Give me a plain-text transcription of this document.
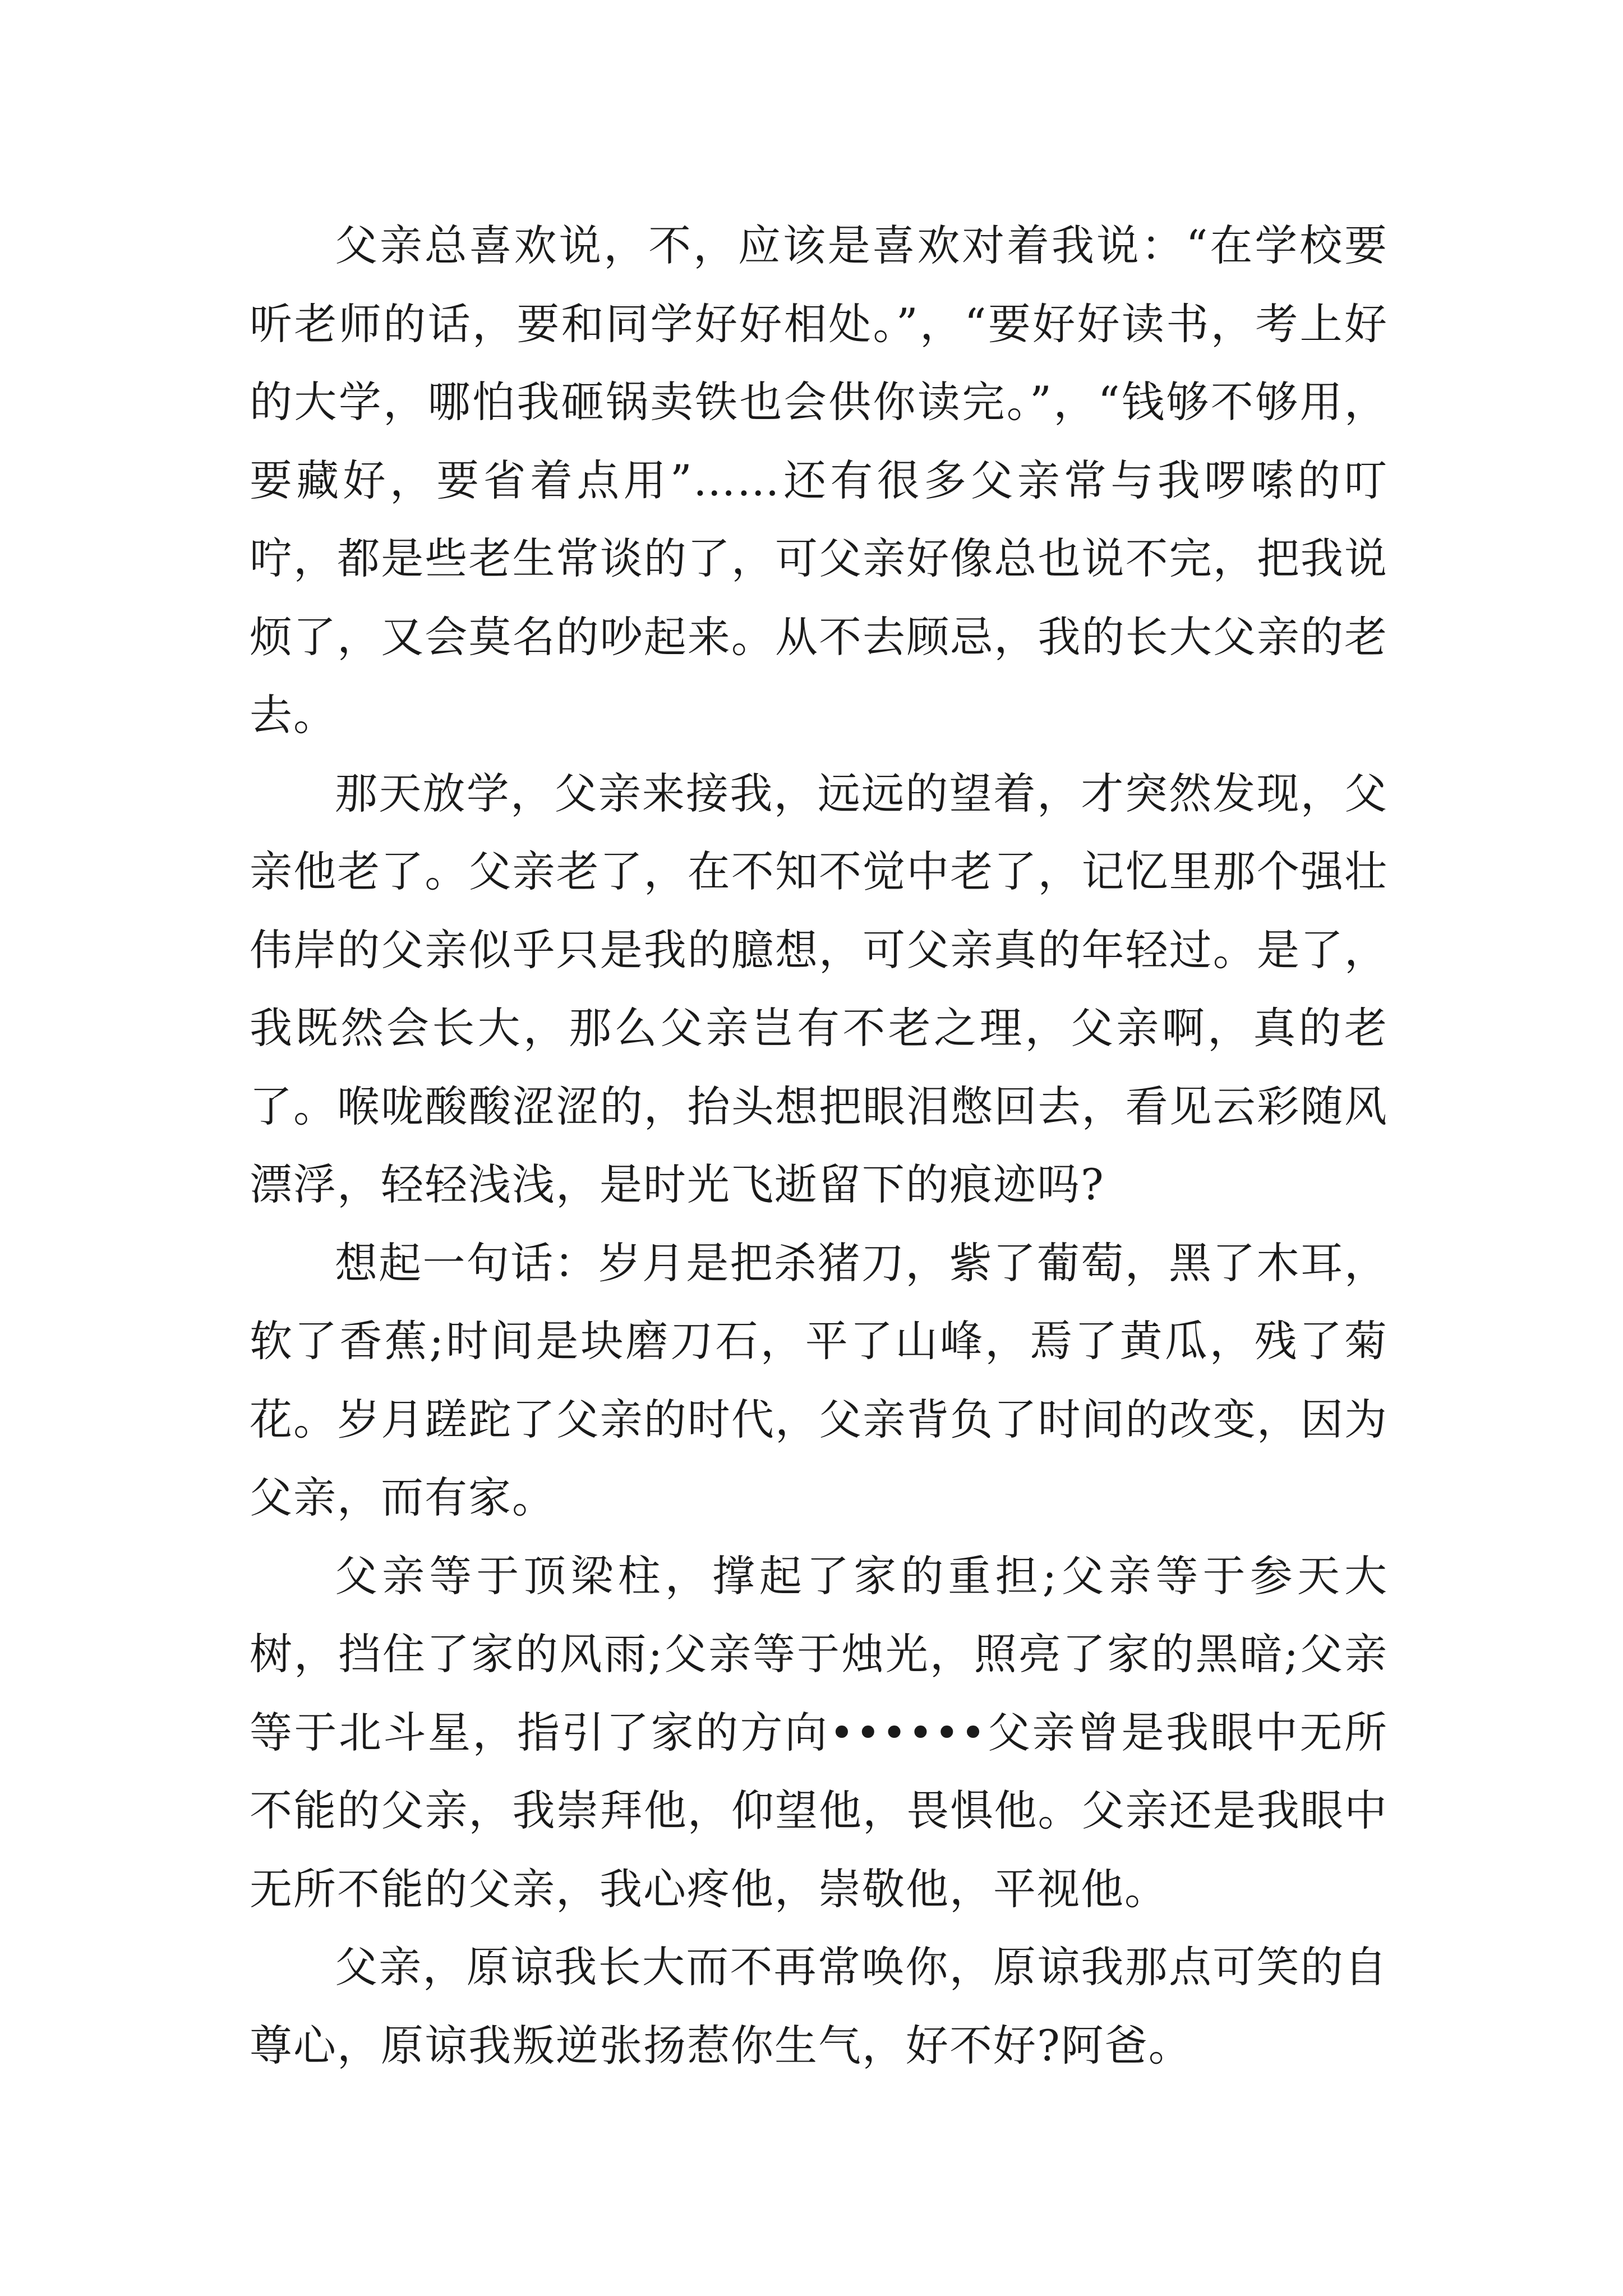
父亲总喜欢说，不，应该是喜欢对着我说：“在学校要听老师的话，要和同学好好相处。”，“要好好读书，考上好的大学，哪怕我砸锅卖铁也会供你读完。”，“钱够不够用，要藏好，要省着点用”……还有很多父亲常与我啰嗦的叮咛，都是些老生常谈的了，可父亲好像总也说不完，把我说烦了，又会莫名的吵起来。从不去顾忌，我的长大父亲的老去。

那天放学，父亲来接我，远远的望着，才突然发现，父亲他老了。父亲老了，在不知不觉中老了，记忆里那个强壮伟岸的父亲似乎只是我的臆想，可父亲真的年轻过。是了，我既然会长大，那么父亲岂有不老之理，父亲啊，真的老了。喉咙酸酸涩涩的，抬头想把眼泪憋回去，看见云彩随风漂浮，轻轻浅浅，是时光飞逝留下的痕迹吗?

想起一句话：岁月是把杀猪刀，紫了葡萄，黑了木耳，软了香蕉;时间是块磨刀石，平了山峰，焉了黄瓜，残了菊花。岁月蹉跎了父亲的时代，父亲背负了时间的改变，因为父亲，而有家。

父亲等于顶梁柱，撑起了家的重担;父亲等于参天大树，挡住了家的风雨;父亲等于烛光，照亮了家的黑暗;父亲等于北斗星，指引了家的方向••••••父亲曾是我眼中无所不能的父亲，我崇拜他，仰望他，畏惧他。父亲还是我眼中无所不能的父亲，我心疼他，崇敬他，平视他。

父亲，原谅我长大而不再常唤你，原谅我那点可笑的自尊心，原谅我叛逆张扬惹你生气，好不好?阿爸。
